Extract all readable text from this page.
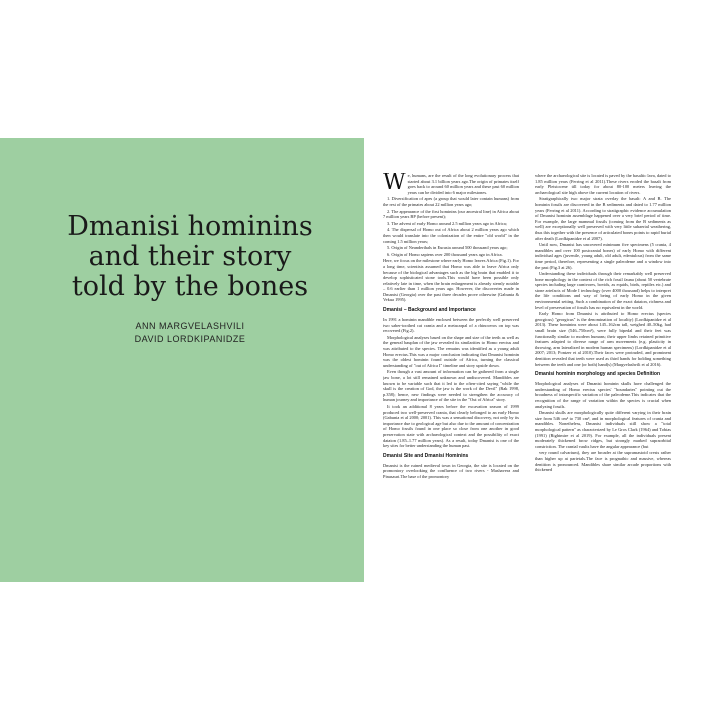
Dmanisi hominins
and their story
told by the bones
ANN MARGVELASHVILI
DAVID LORDKIPANIDZE

We, humans, are the result of the long evolutionary process that started about 3.1 billion years ago.The origin of primates itself goes back to around 60 million years and these past 60 million years can be divided into 6 major milestones.

1. Diversification of apes (a group that would later contain humans) from the rest of the primates about 22 million years ago;

2. The appearance of the first hominins (our ancestral line) in Africa about 7 million years BP (before present);

3. The advent of early Homo around 2.5 million years ago in Africa;

4. The dispersal of Homo out of Africa about 2 million years ago which then would translate into the colonization of the entire "old world" in the coming 1.5 million years;

5. Origin of Neanderthals in Eurasia around 500 thousand years ago;

6. Origin of Homo sapiens over 200 thousand years ago in Africa.

Here, we focus on the milestone where early Homo leaves Africa (Fig.1). For a long time, scientists assumed that Homo was able to leave Africa only because of the biological advantages such as the big brain that enabled it to develop sophisticated stone tools.This would have been possible only relatively late in time, when the brain enlargement is already sternly notable – 0.6 earlier than 1 million years ago. However, the discoveries made in Dmanisi (Georgia) over the past three decades prove otherwise (Gabunia & Vekua 1995).

Dmanisi – Background and Importance

In 1991 a hominin mandible enclosed between the perfectly well preserved two saber-toothed cat crania and a metacarpal of a rhinoceros on top was recovered (Fig.2).

Morphological analyses based on the shape and size of the teeth as well as the general bauplan of the jaw revealed its similarities to Homo erectus and was attributed to the species. The remains was identified as a young adult Homo erectus.This was a major conclusion indicating that Dmanisi hominin was the oldest hominin found outside of Africa, turning the classical understanding of "out of Africa I" timeline and story upside down.

Even though a vast amount of information can be gathered from a single jaw bone, a lot still remained unknown and undiscovered. Mandibles are known to be variable such that it led to the often-cited saying "while the skull is the creation of God, the jaw is the work of the Devil" (Rak 1998, p.358); hence, new findings were needed to strengthen the accuracy of human journey and importance of the site in the "Out of Africa" story.

It took an additional 8 years before the excavation season of 1999 produced two well-preserved crania, that clearly belonged to an early Homo (Gabunia et al 2000; 2001). This was a sensational discovery, not only by its importance due to geological age but also due to the amount of concentration of Homo fossils found in one place so close from one another in good preservation state with archaeological context and the possibility of exact dataion (1.85–1.77 million years). As a result, today Dmanisi is one of the key sites for better understanding the human past.

Dmanisi Site and Dmanisi Hominins

Dmanisi is the ruined medieval town in Georgia, the site is located on the promontory overlooking the confluence of two rivers - Mashavera and Pinasauri.The base of the promontory

where the archaeological site is located is paved by the basaltic lava, dated to 1.85 million years (Ferring et al 2011).These rivers eroded the basalt from early Pleistocene till today for about 80-100 meters leaving the archaeological site high above the current location of rivers.

Stratigraphically two major strata overlay the basalt: A and B. The hominin fossils are discovered in the B sediments and dated to 1.77 million years (Ferring et al 2011). According to stratigraphic evidence accumulation of Dmanisi hominin assemblage happened over a very brief period of time. For example, the large mammal fossils (coming from the B sediments as well) are exceptionally well preserved with very little subaerial weathering, thus this together with the presence of articulated bones points to rapid burial after death (Lordkipanidze et al 2007).

Until now, Dmanisi has uncovered minimum five specimens (5 crania, 4 mandibles and over 100 postcranial bones) of early Homo with different individual ages (juvenile, young adult, old adult, edentulous) from the same time period, therefore, representing a single paleodeme and a window into the past (Fig.3 at 26).

Understanding these individuals through their remarkably well preserved bone morphology in the context of the rich fossil fauna (about 50 vertebrate species including large carnivores, bovids, as equids, birds, reptiles etc.) and stone artefacts of Mode I technology (over 4000 thousand) helps to interpret the life conditions and way of being of early Homo in the given environmental setting. Such a combination of the exact dataion, richness and level of preservation of fossils has no equivalent in the world.

Early Homo from Dmanisi is attributed to Homo erectus (species georgicus) "georgicus" is the denomination of locality) (Lordkipanidze et al 2013). These hominins were about 145–162cm tall, weighed 40–50kg, had small brain size (546–750cm³), were fully bipedal and their feet was functionally similar to modern humans; their upper limbs retained primitive features adapted to diverse range of arm movements (e.g. plasticity in throwing, arm lateralized in modern human specimens) (Lordkipanidze et al 2007; 2013; Pontzer et al 2010).Their faces were protruded, and prominent dentition revealed that teeth were used as third hands for holding something between the teeth and one (or both) hand(s) (Margvelashvili et al 2016).

Dmanisi hominin morphology and species Definition

Morphological analyses of Dmanisi hominin skulls have challenged the understanding of Homo erectus species' "boundaries" pointing out the broadness of intraspecific variation of the paleodeme.This indicates that the recognition of the range of variation within the species is crucial when analyzing fossils.

Dmanisi skulls are morphologically quite different varying in their brain size from 546 cm³ to 730 cm³, and in morphological features of crania and mandibles. Nonetheless, Dmanisi individuals still show a "total morphological pattern" as characterized by Le Gros Clark (1964) and Tobias (1991) (Rightmire et al 2019). For example, all the individuals present moderately thickened brow ridges, but strongly marked supraorbital constriction. The cranial vaults have the angular appearance (but

very round calvarium), they are broader at the supramastoid crests rather than higher up at parietals.The face is prognathic and massive, whereas dentition is pronounced. Mandibles share similar arcade proportions with thickened
